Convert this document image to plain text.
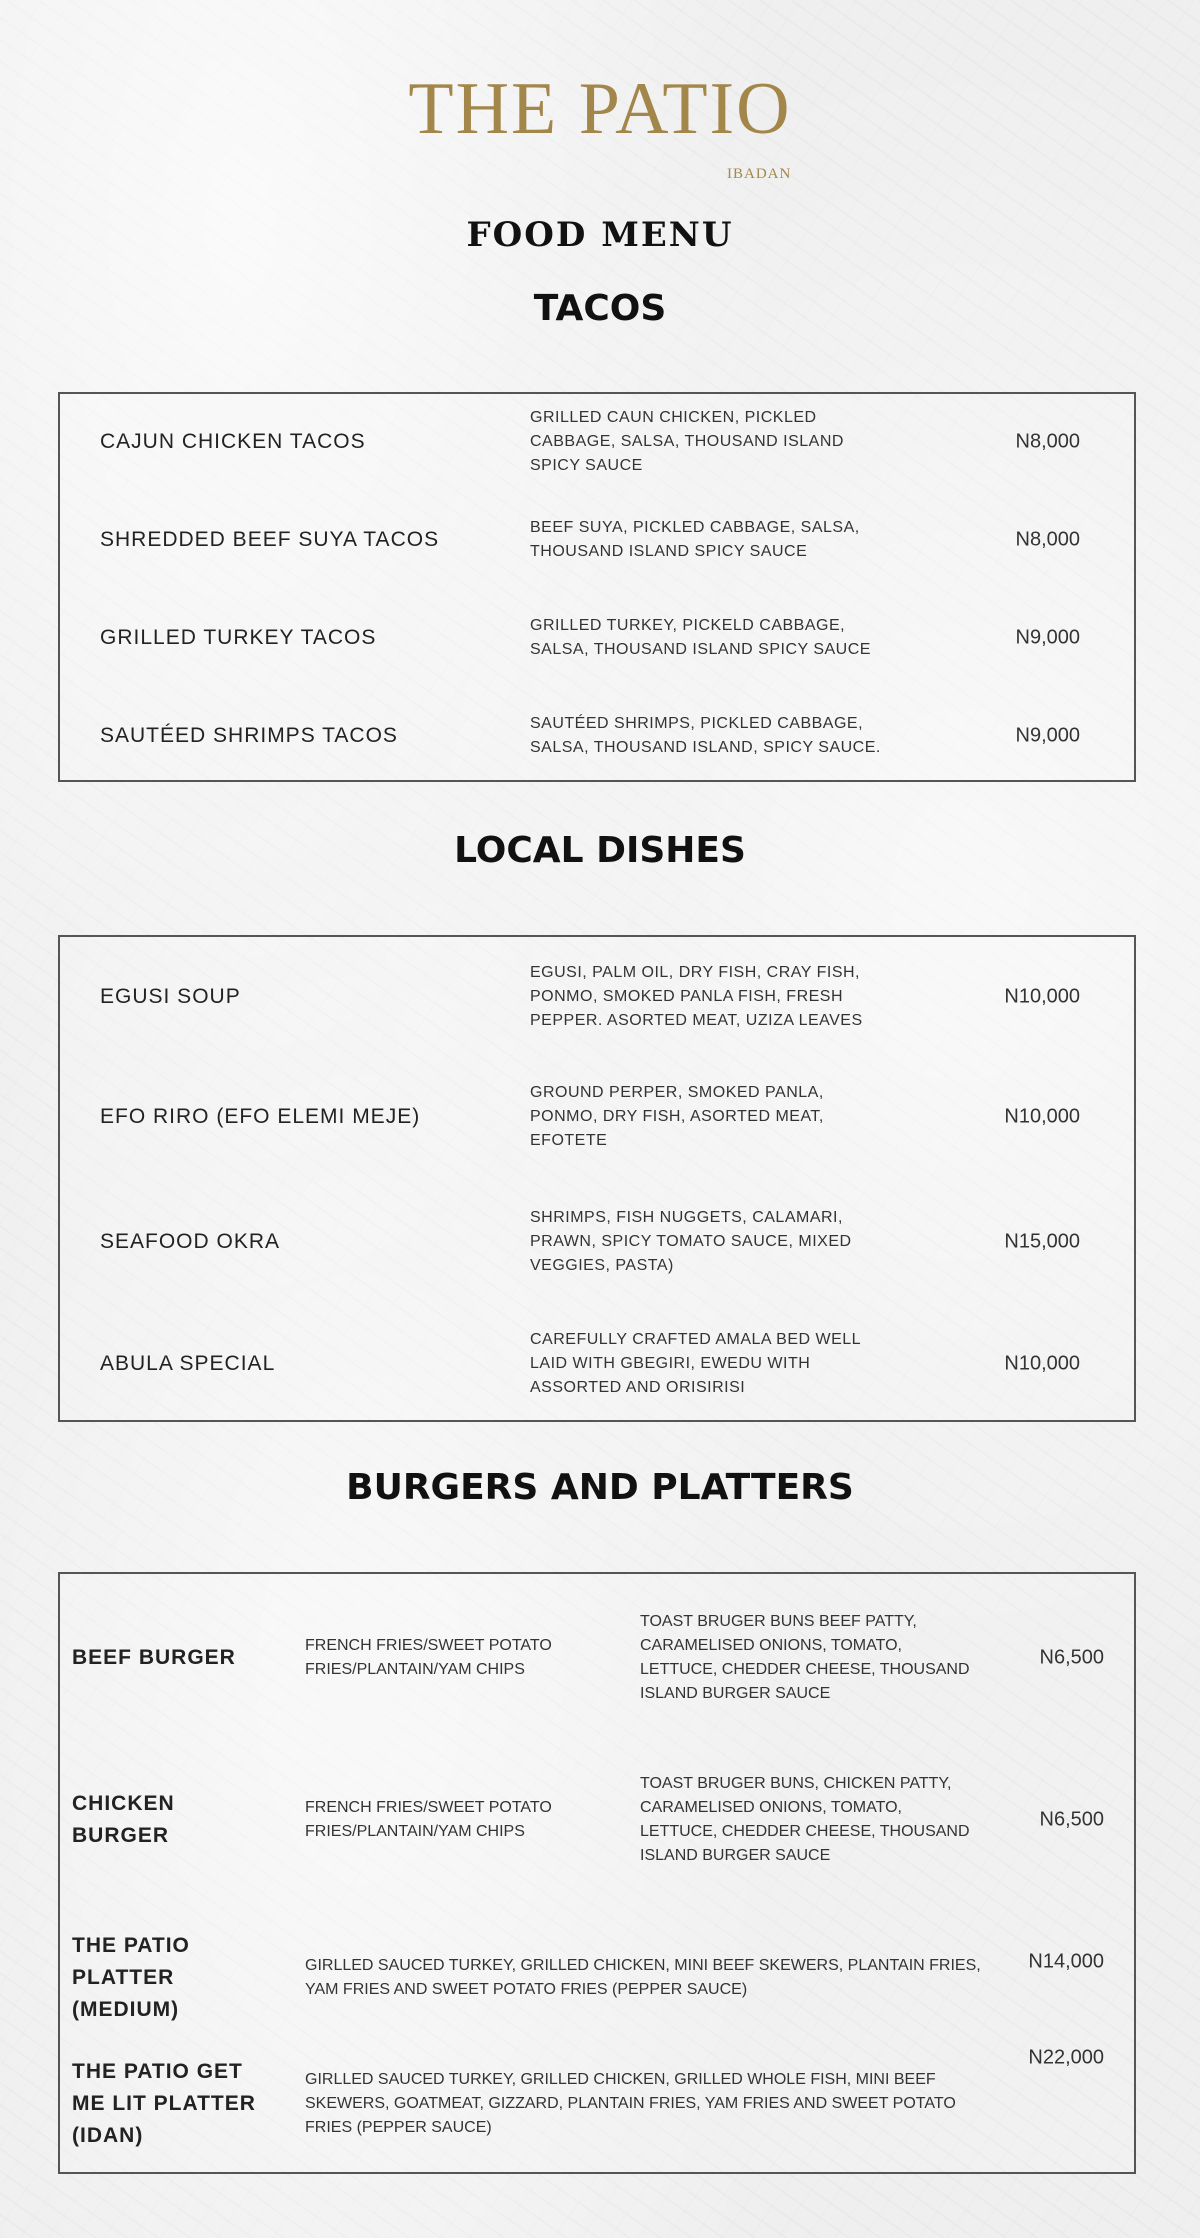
THE PATIO
IBADAN
FOOD MENU
TACOS
CAJUN CHICKEN TACOS
GRILLED CAUN CHICKEN, PICKLED CABBAGE, SALSA, THOUSAND ISLAND SPICY SAUCE
N8,000
SHREDDED BEEF SUYA TACOS
BEEF SUYA, PICKLED CABBAGE, SALSA, THOUSAND ISLAND SPICY SAUCE
N8,000
GRILLED TURKEY TACOS
GRILLED TURKEY, PICKELD CABBAGE, SALSA, THOUSAND ISLAND SPICY SAUCE
N9,000
SAUTÉED SHRIMPS TACOS
SAUTÉED SHRIMPS, PICKLED CABBAGE, SALSA, THOUSAND ISLAND, SPICY SAUCE.
N9,000
LOCAL DISHES
EGUSI SOUP
EGUSI, PALM OIL, DRY FISH, CRAY FISH, PONMO, SMOKED PANLA FISH, FRESH PEPPER. ASORTED MEAT, UZIZA LEAVES
N10,000
EFO RIRO (EFO ELEMI MEJE)
GROUND PERPER, SMOKED PANLA, PONMO, DRY FISH, ASORTED MEAT, EFOTETE
N10,000
SEAFOOD OKRA
SHRIMPS, FISH NUGGETS, CALAMARI, PRAWN, SPICY TOMATO SAUCE, MIXED VEGGIES, PASTA)
N15,000
ABULA SPECIAL
CAREFULLY CRAFTED AMALA BED WELL LAID WITH GBEGIRI, EWEDU WITH ASSORTED AND ORISIRISI
N10,000
BURGERS AND PLATTERS
BEEF BURGER
FRENCH FRIES/SWEET POTATO FRIES/PLANTAIN/YAM CHIPS
TOAST BRUGER BUNS BEEF PATTY, CARAMELISED ONIONS, TOMATO, LETTUCE, CHEDDER CHEESE, THOUSAND ISLAND BURGER SAUCE
N6,500
CHICKEN BURGER
FRENCH FRIES/SWEET POTATO FRIES/PLANTAIN/YAM CHIPS
TOAST BRUGER BUNS, CHICKEN PATTY, CARAMELISED ONIONS, TOMATO, LETTUCE, CHEDDER CHEESE, THOUSAND ISLAND BURGER SAUCE
N6,500
THE PATIO PLATTER (MEDIUM)
GIRLLED SAUCED TURKEY, GRILLED CHICKEN, MINI BEEF SKEWERS, PLANTAIN FRIES, YAM FRIES AND SWEET POTATO FRIES (PEPPER SAUCE)
N14,000
THE PATIO GET ME LIT PLATTER (IDAN)
GIRLLED SAUCED TURKEY, GRILLED CHICKEN, GRILLED WHOLE FISH, MINI BEEF SKEWERS, GOATMEAT, GIZZARD, PLANTAIN FRIES, YAM FRIES AND SWEET POTATO FRIES (PEPPER SAUCE)
N22,000
